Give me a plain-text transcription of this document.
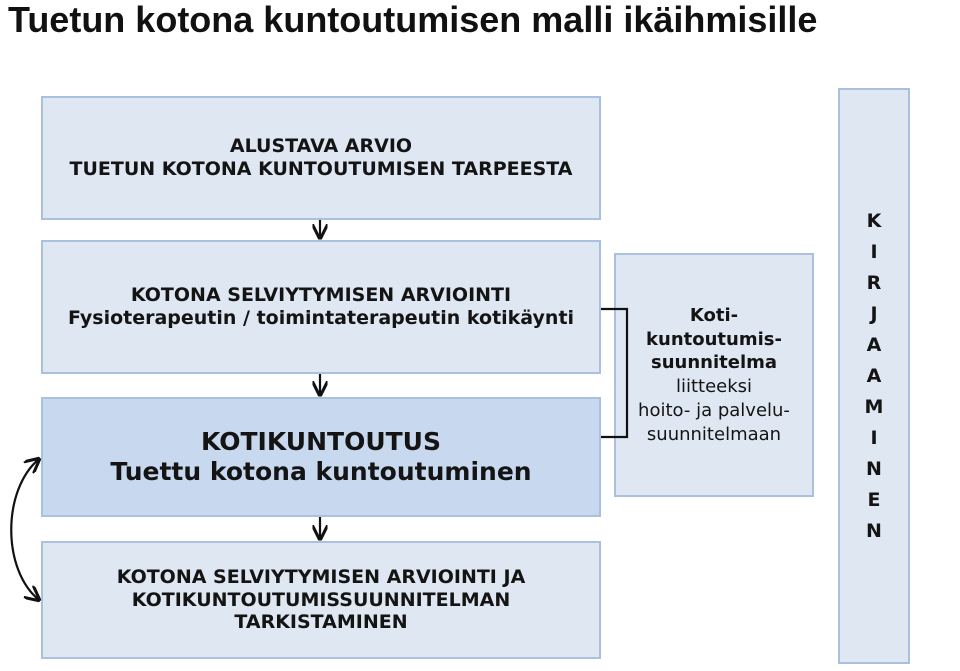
Tuetun kotona kuntoutumisen malli ikäihmisille
ALUSTAVA ARVIO
TUETUN KOTONA KUNTOUTUMISEN TARPEESTA
KOTONA SELVIYTYMISEN ARVIOINTI
Fysioterapeutin / toimintaterapeutin kotikäynti
KOTIKUNTOUTUS
Tuettu kotona kuntoutuminen
KOTONA SELVIYTYMISEN ARVIOINTI JA
KOTIKUNTOUTUMISSUUNNITELMAN
TARKISTAMINEN
Koti-
kuntoutumis-
suunnitelma
liitteeksi
hoito- ja palvelu-
suunnitelmaan
K
I
R
J
A
A
M
I
N
E
N
